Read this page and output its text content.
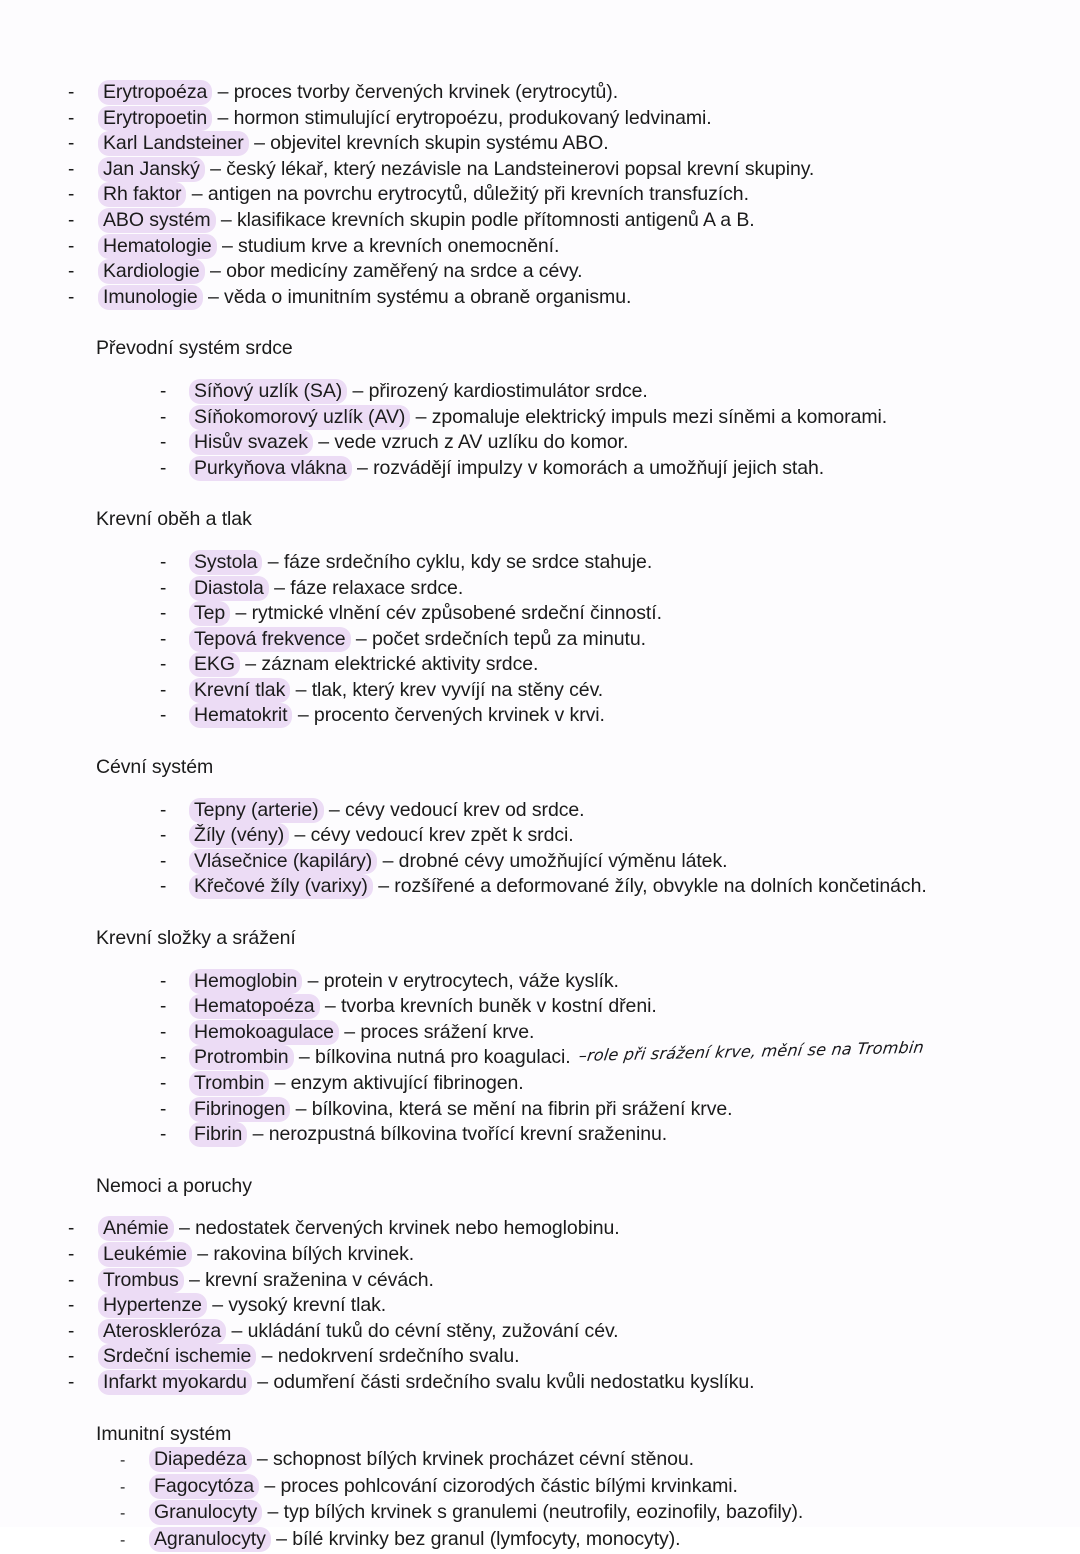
-	Erytropoéza – proces tvorby červených krvinek (erytrocytů).
-	Erytropoetin – hormon stimulující erytropoézu, produkovaný ledvinami.
-	Karl Landsteiner – objevitel krevních skupin systému ABO.
-	Jan Janský – český lékař, který nezávisle na Landsteinerovi popsal krevní skupiny.
-	Rh faktor – antigen na povrchu erytrocytů, důležitý při krevních transfuzích.
-	ABO systém – klasifikace krevních skupin podle přítomnosti antigenů A a B.
-	Hematologie – studium krve a krevních onemocnění.
-	Kardiologie – obor medicíny zaměřený na srdce a cévy.
-	Imunologie – věda o imunitním systému a obraně organismu.
Převodní systém srdce
-	Síňový uzlík (SA) – přirozený kardiostimulátor srdce.
-	Síňokomorový uzlík (AV) – zpomaluje elektrický impuls mezi síněmi a komorami.
-	Hisův svazek – vede vzruch z AV uzlíku do komor.
-	Purkyňova vlákna – rozvádějí impulzy v komorách a umožňují jejich stah.
Krevní oběh a tlak
-	Systola – fáze srdečního cyklu, kdy se srdce stahuje.
-	Diastola – fáze relaxace srdce.
-	Tep – rytmické vlnění cév způsobené srdeční činností.
-	Tepová frekvence – počet srdečních tepů za minutu.
-	EKG – záznam elektrické aktivity srdce.
-	Krevní tlak – tlak, který krev vyvíjí na stěny cév.
-	Hematokrit – procento červených krvinek v krvi.
Cévní systém
-	Tepny (arterie) – cévy vedoucí krev od srdce.
-	Žíly (vény) – cévy vedoucí krev zpět k srdci.
-	Vlásečnice (kapiláry) – drobné cévy umožňující výměnu látek.
-	Křečové žíly (varixy) – rozšířené a deformované žíly, obvykle na dolních končetinách.
Krevní složky a srážení
-	Hemoglobin – protein v erytrocytech, váže kyslík.
-	Hematopoéza – tvorba krevních buněk v kostní dřeni.
-	Hemokoagulace – proces srážení krve.
-	Protrombin – bílkovina nutná pro koagulaci. –role při srážení krve, mění se na Trombin
-	Trombin – enzym aktivující fibrinogen.
-	Fibrinogen – bílkovina, která se mění na fibrin při srážení krve.
-	Fibrin – nerozpustná bílkovina tvořící krevní sraženinu.
Nemoci a poruchy
-	Anémie – nedostatek červených krvinek nebo hemoglobinu.
-	Leukémie – rakovina bílých krvinek.
-	Trombus – krevní sraženina v cévách.
-	Hypertenze – vysoký krevní tlak.
-	Ateroskleróza – ukládání tuků do cévní stěny, zužování cév.
-	Srdeční ischemie – nedokrvení srdečního svalu.
-	Infarkt myokardu – odumření části srdečního svalu kvůli nedostatku kyslíku.
Imunitní systém
-	Diapedéza – schopnost bílých krvinek procházet cévní stěnou.
-	Fagocytóza – proces pohlcování cizorodých částic bílými krvinkami.
-	Granulocyty – typ bílých krvinek s granulemi (neutrofily, eozinofily, bazofily).
-	Agranulocyty – bílé krvinky bez granul (lymfocyty, monocyty).
